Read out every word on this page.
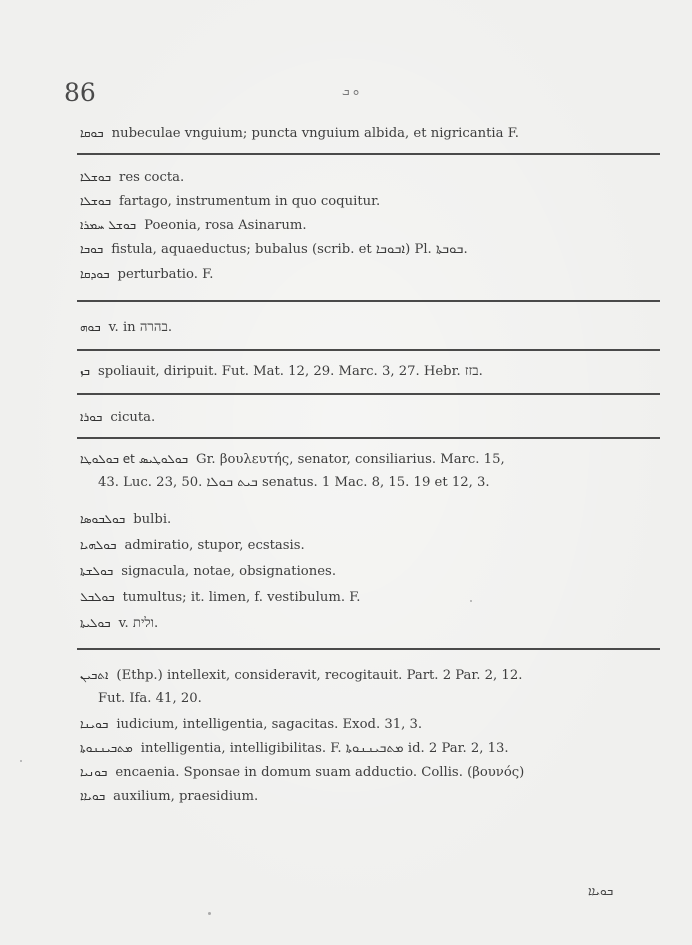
86	ܘ ܒ
ܒܘܩܐ nubeculae vnguium; puncta vnguium albida, et nigricantia F.
ܒܘܫܠܐ res cocta.
ܒܘܫܠܐ fartago, instrumentum in quo coquitur.
ܒܘܫܠ ܚܡܪܐ Poeonia, rosa Asinarum.
ܒܘܒܐ fistula, aquaeductus; bubalus (scrib. et ܐܒܘܒܐ) Pl. ܒܘܒܬܐ.
ܒܘܕܩܐ perturbatio. F.
ܒܘܗ v. in בהרה.
ܒܙ spoliauit, diripuit. Fut. Mat. 12, 29. Marc. 3, 27. Hebr. בזז.
ܒܘܪܐ cicuta.
ܒܘܠܘܛܐ et ܒܘܠܘܛܝܣ Gr. βουλευτής, senator, consiliarius. Marc. 15,
43. Luc. 23, 50. ܒܝܬ ܒܘܠܐ senatus. 1 Mac. 8, 15. 19 et 12, 3.
ܒܘܠܒܘܣܐ bulbi.
ܒܘܠܗܝܐ admiratio, stupor, ecstasis.
ܒܘܠܫܬܐ signacula, notae, obsignationes.
ܒܘܠܒܠ tumultus; it. limen, f. vestibulum. F.
ܒܘܠܝܬܐ v. ולית.
ܐܬܒܝܢ (Ethp.) intellexit, consideravit, recogitauit. Part. 2 Par. 2, 12.
Fut. Ifa. 41, 20.
ܒܘܝܢܐ iudicium, intelligentia, sagacitas. Exod. 31, 3.
ܡܬܒܝܢܢܘܬܐ intelligentia, intelligibilitas. F. ܡܬܒܝܢܢܘܬܐ id. 2 Par. 2, 13.
ܒܘܢܝܐ encaenia. Sponsae in domum suam adductio. Collis. (βουνός)
ܒܘܝܐܐ auxilium, praesidium.
ܒܘܝܐܐ
